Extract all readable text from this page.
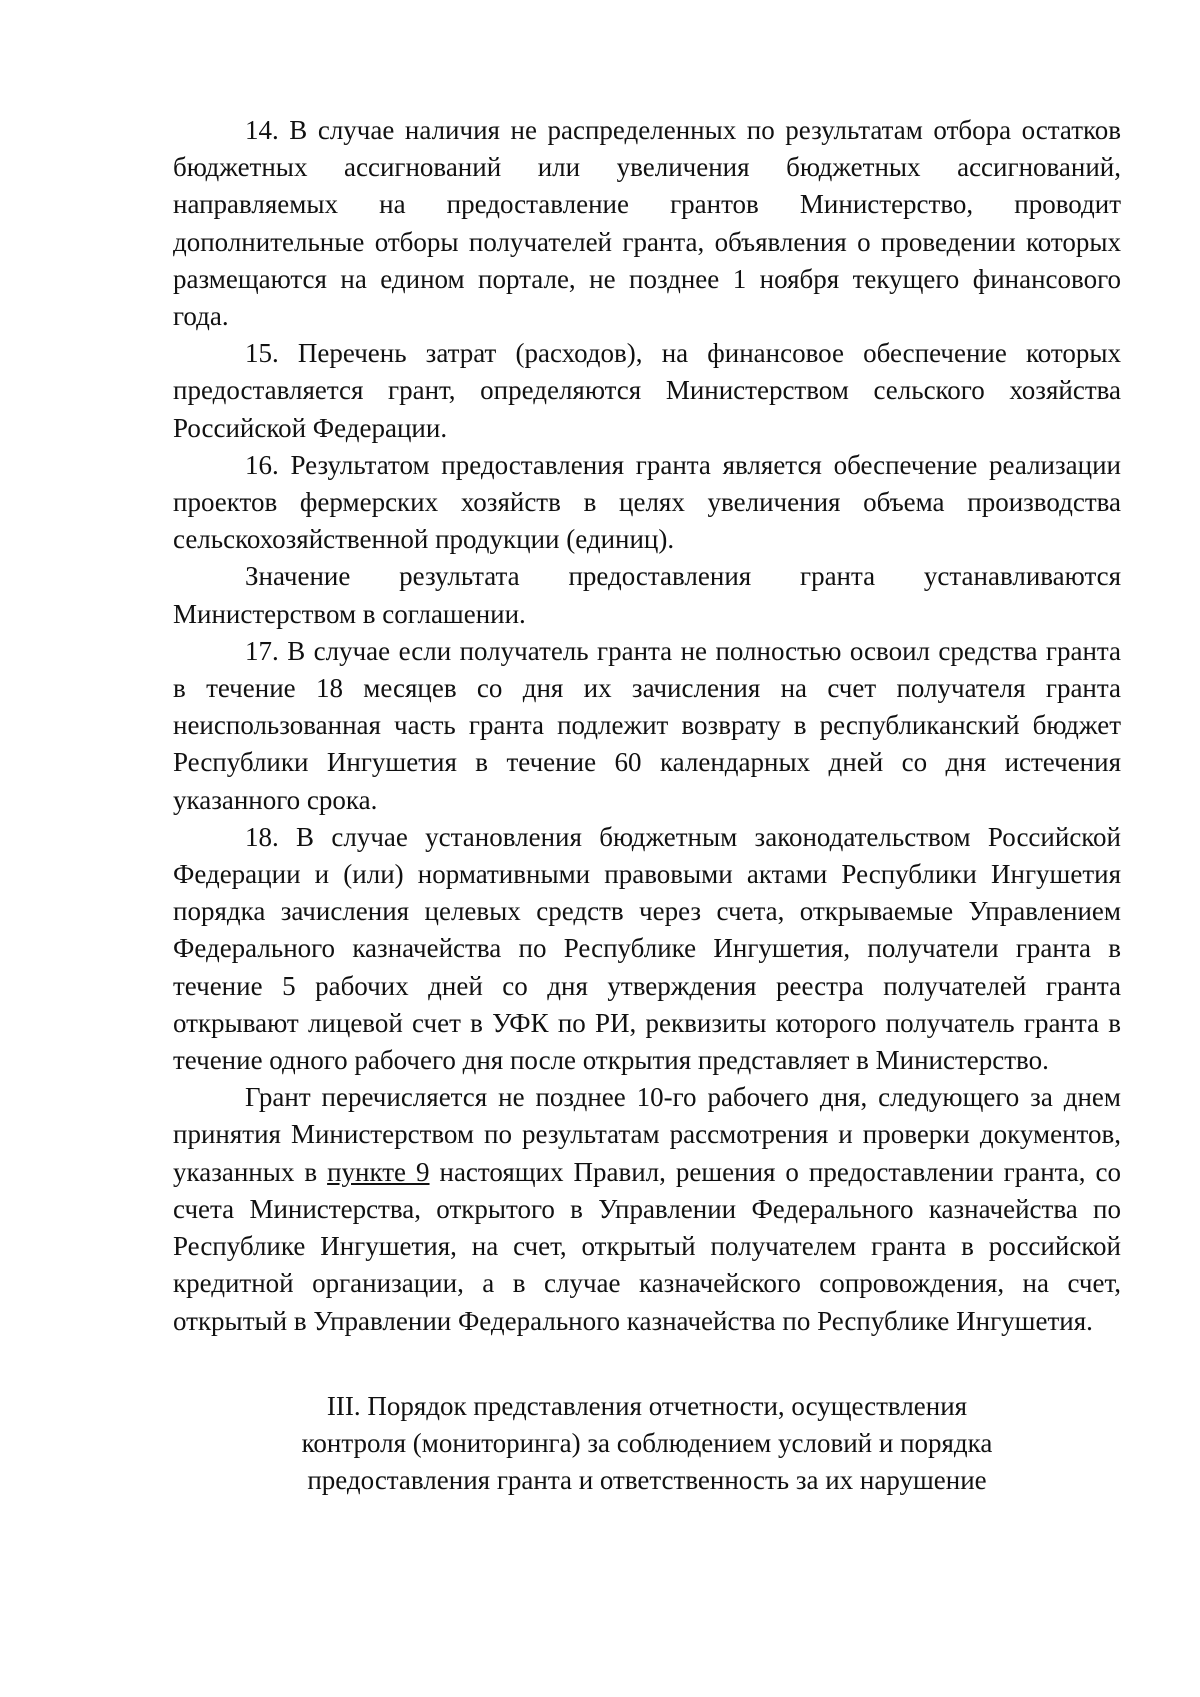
14. В случае наличия не распределенных по результатам отбора остатков бюджетных ассигнований или увеличения бюджетных ассигнований, направляемых на предоставление грантов Министерство, проводит дополнительные отборы получателей гранта, объявления о проведении которых размещаются на едином портале, не позднее 1 ноября текущего финансового года.

15. Перечень затрат (расходов), на финансовое обеспечение которых предоставляется грант, определяются Министерством сельского хозяйства Российской Федерации.

16. Результатом предоставления гранта является обеспечение реализации проектов фермерских хозяйств в целях увеличения объема производства сельскохозяйственной продукции (единиц).

Значение результата предоставления гранта устанавливаются Министерством в соглашении.

17. В случае если получатель гранта не полностью освоил средства гранта в течение 18 месяцев со дня их зачисления на счет получателя гранта неиспользованная часть гранта подлежит возврату в республиканский бюджет Республики Ингушетия в течение 60 календарных дней со дня истечения указанного срока.

18. В случае установления бюджетным законодательством Российской Федерации и (или) нормативными правовыми актами Республики Ингушетия порядка зачисления целевых средств через счета, открываемые Управлением Федерального казначейства по Республике Ингушетия, получатели гранта в течение 5 рабочих дней со дня утверждения реестра получателей гранта открывают лицевой счет в УФК по РИ, реквизиты которого получатель гранта в течение одного рабочего дня после открытия представляет в Министерство.

Грант перечисляется не позднее 10-го рабочего дня, следующего за днем принятия Министерством по результатам рассмотрения и проверки документов, указанных в пункте 9 настоящих Правил, решения о предоставлении гранта, со счета Министерства, открытого в Управлении Федерального казначейства по Республике Ингушетия, на счет, открытый получателем гранта в российской кредитной организации, а в случае казначейского сопровождения, на счет, открытый в Управлении Федерального казначейства по Республике Ингушетия.

III. Порядок представления отчетности, осуществления
контроля (мониторинга) за соблюдением условий и порядка
предоставления гранта и ответственность за их нарушение
